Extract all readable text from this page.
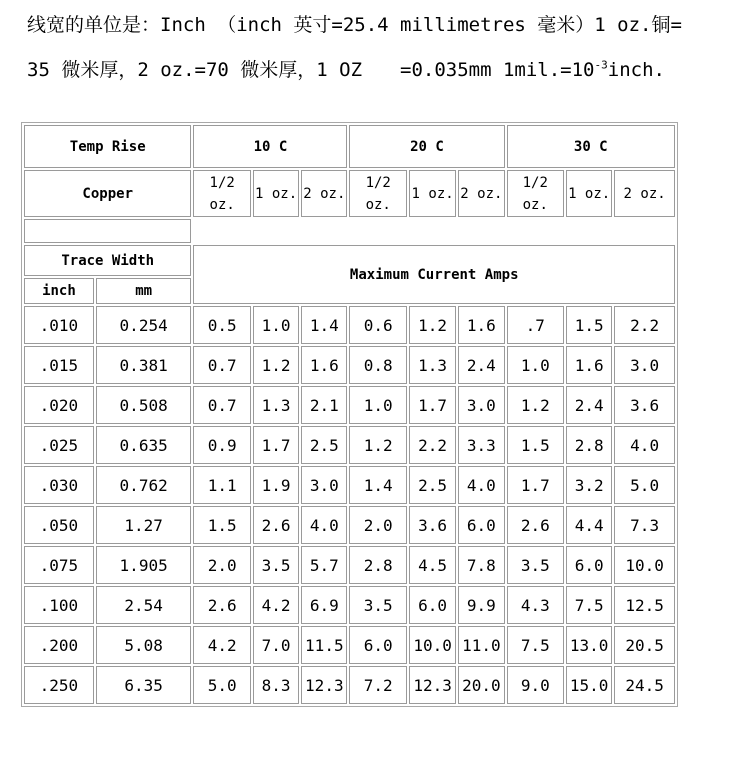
线宽的单位是：Inch （inch 英寸=25.4 millimetres 毫米）1 oz.铜=
35 微米厚，2 oz.=70 微米厚，1 OZ =0.035mm $1mil.=10^{-3}inch$.
Temp Rise		10 C			20 C			30 C		
Copper		1/2 oz.	1 oz.	2 oz.	1/2 oz.	1 oz.	2 oz.	1/2 oz.	1 oz.	2 oz.

Trace Width		Maximum Current Amps								
inch	mm									
.010	0.254	0.5	1.0	1.4	0.6	1.2	1.6	.7	1.5	2.2
.015	0.381	0.7	1.2	1.6	0.8	1.3	2.4	1.0	1.6	3.0
.020	0.508	0.7	1.3	2.1	1.0	1.7	3.0	1.2	2.4	3.6
.025	0.635	0.9	1.7	2.5	1.2	2.2	3.3	1.5	2.8	4.0
.030	0.762	1.1	1.9	3.0	1.4	2.5	4.0	1.7	3.2	5.0
.050	1.27	1.5	2.6	4.0	2.0	3.6	6.0	2.6	4.4	7.3
.075	1.905	2.0	3.5	5.7	2.8	4.5	7.8	3.5	6.0	10.0
.100	2.54	2.6	4.2	6.9	3.5	6.0	9.9	4.3	7.5	12.5
.200	5.08	4.2	7.0	11.5	6.0	10.0	11.0	7.5	13.0	20.5
.250	6.35	5.0	8.3	12.3	7.2	12.3	20.0	9.0	15.0	24.5
